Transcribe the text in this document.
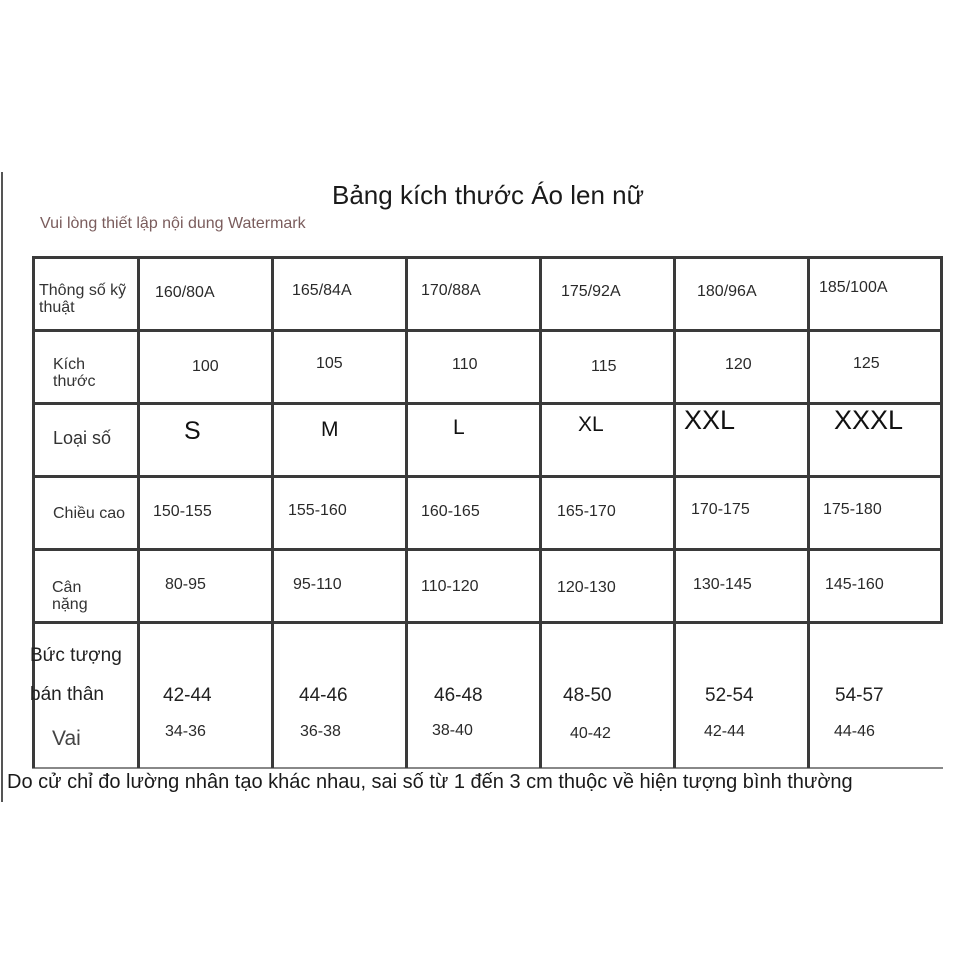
Bảng kích thước Áo len nữ
Vui lòng thiết lập nội dung Watermark
Thông số kỹ thuật
Kích thước
Loại số
Chiều cao
Cân nặng
Bức tượng
bán thân
Vai
160/80A
100
S
150-155
80-95
42-44
34-36
165/84A
105
M
155-160
95-110
44-46
36-38
170/88A
110
L
160-165
110-120
46-48
38-40
175/92A
115
XL
165-170
120-130
48-50
40-42
180/96A
120
XXL
170-175
130-145
52-54
42-44
185/100A
125
XXXL
175-180
145-160
54-57
44-46
Do cử chỉ đo lường nhân tạo khác nhau, sai số từ 1 đến 3 cm thuộc về hiện tượng bình thường
